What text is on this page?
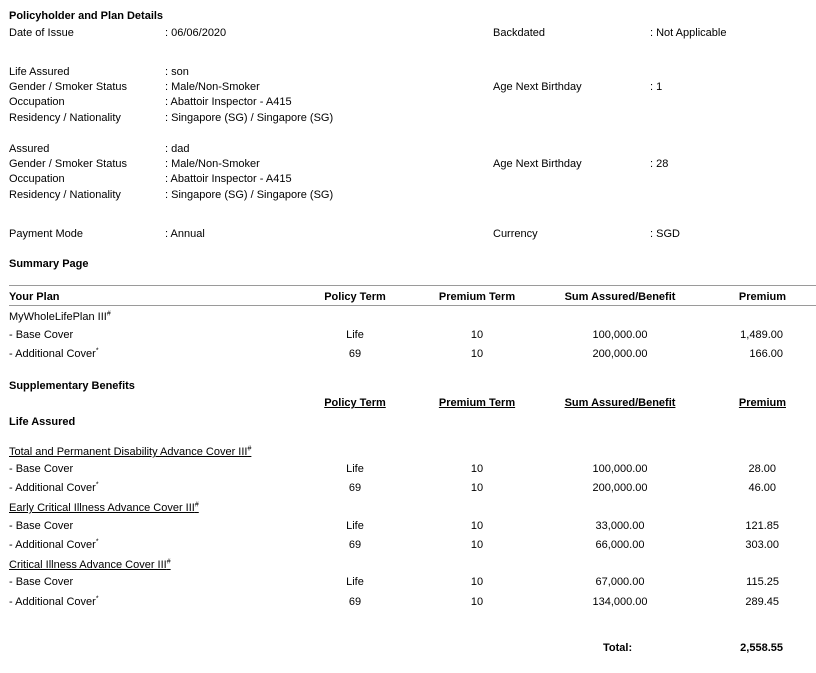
Policyholder and Plan Details
Date of Issue	: 06/06/2020	Backdated	: Not Applicable
Life Assured	: son
Gender / Smoker Status	: Male/Non-Smoker	Age Next Birthday	: 1
Occupation	: Abattoir Inspector - A415
Residency / Nationality	: Singapore (SG) / Singapore (SG)
Assured	: dad
Gender / Smoker Status	: Male/Non-Smoker	Age Next Birthday	: 28
Occupation	: Abattoir Inspector - A415
Residency / Nationality	: Singapore (SG) / Singapore (SG)
Payment Mode	: Annual	Currency	: SGD
Summary Page
Your Plan	Policy Term	Premium Term	Sum Assured/Benefit	Premium
MyWholeLifePlan III#
- Base Cover	Life	10	100,000.00	1,489.00
- Additional Cover*	69	10	200,000.00	166.00
Supplementary Benefits
Policy Term	Premium Term	Sum Assured/Benefit	Premium
Life Assured
Total and Permanent Disability Advance Cover III#
- Base Cover	Life	10	100,000.00	28.00
- Additional Cover*	69	10	200,000.00	46.00
Early Critical Illness Advance Cover III#
- Base Cover	Life	10	33,000.00	121.85
- Additional Cover*	69	10	66,000.00	303.00
Critical Illness Advance Cover III#
- Base Cover	Life	10	67,000.00	115.25
- Additional Cover*	69	10	134,000.00	289.45
Total:	2,558.55
